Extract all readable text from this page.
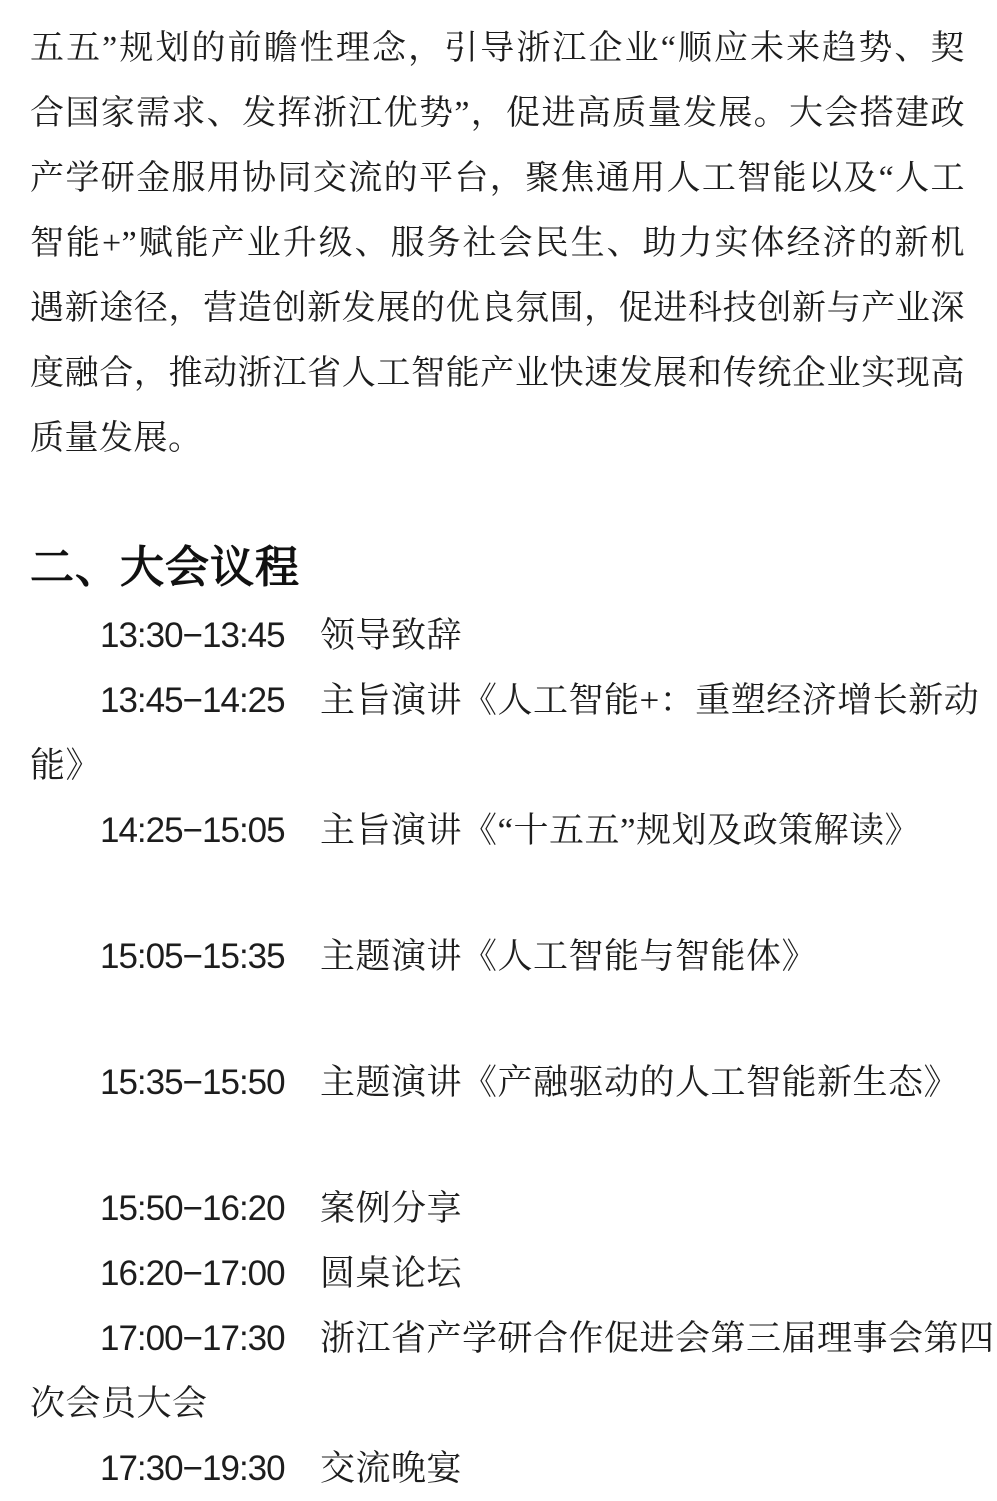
五五”规划的前瞻性理念，引导浙江企业“顺应未来趋势、契
合国家需求、发挥浙江优势”，促进高质量发展。大会搭建政
产学研金服用协同交流的平台，聚焦通用人工智能以及“人工
智能+”赋能产业升级、服务社会民生、助力实体经济的新机
遇新途径，营造创新发展的优良氛围，促进科技创新与产业深
度融合，推动浙江省人工智能产业快速发展和传统企业实现高
质量发展。
二、大会议程
13:30−13:45 领导致辞
13:45−14:25 主旨演讲《人工智能+：重塑经济增长新动
能》
14:25−15:05 主旨演讲《“十五五”规划及政策解读》
15:05−15:35 主题演讲《人工智能与智能体》
15:35−15:50 主题演讲《产融驱动的人工智能新生态》
15:50−16:20 案例分享
16:20−17:00 圆桌论坛
17:00−17:30 浙江省产学研合作促进会第三届理事会第四
次会员大会
17:30−19:30 交流晚宴
